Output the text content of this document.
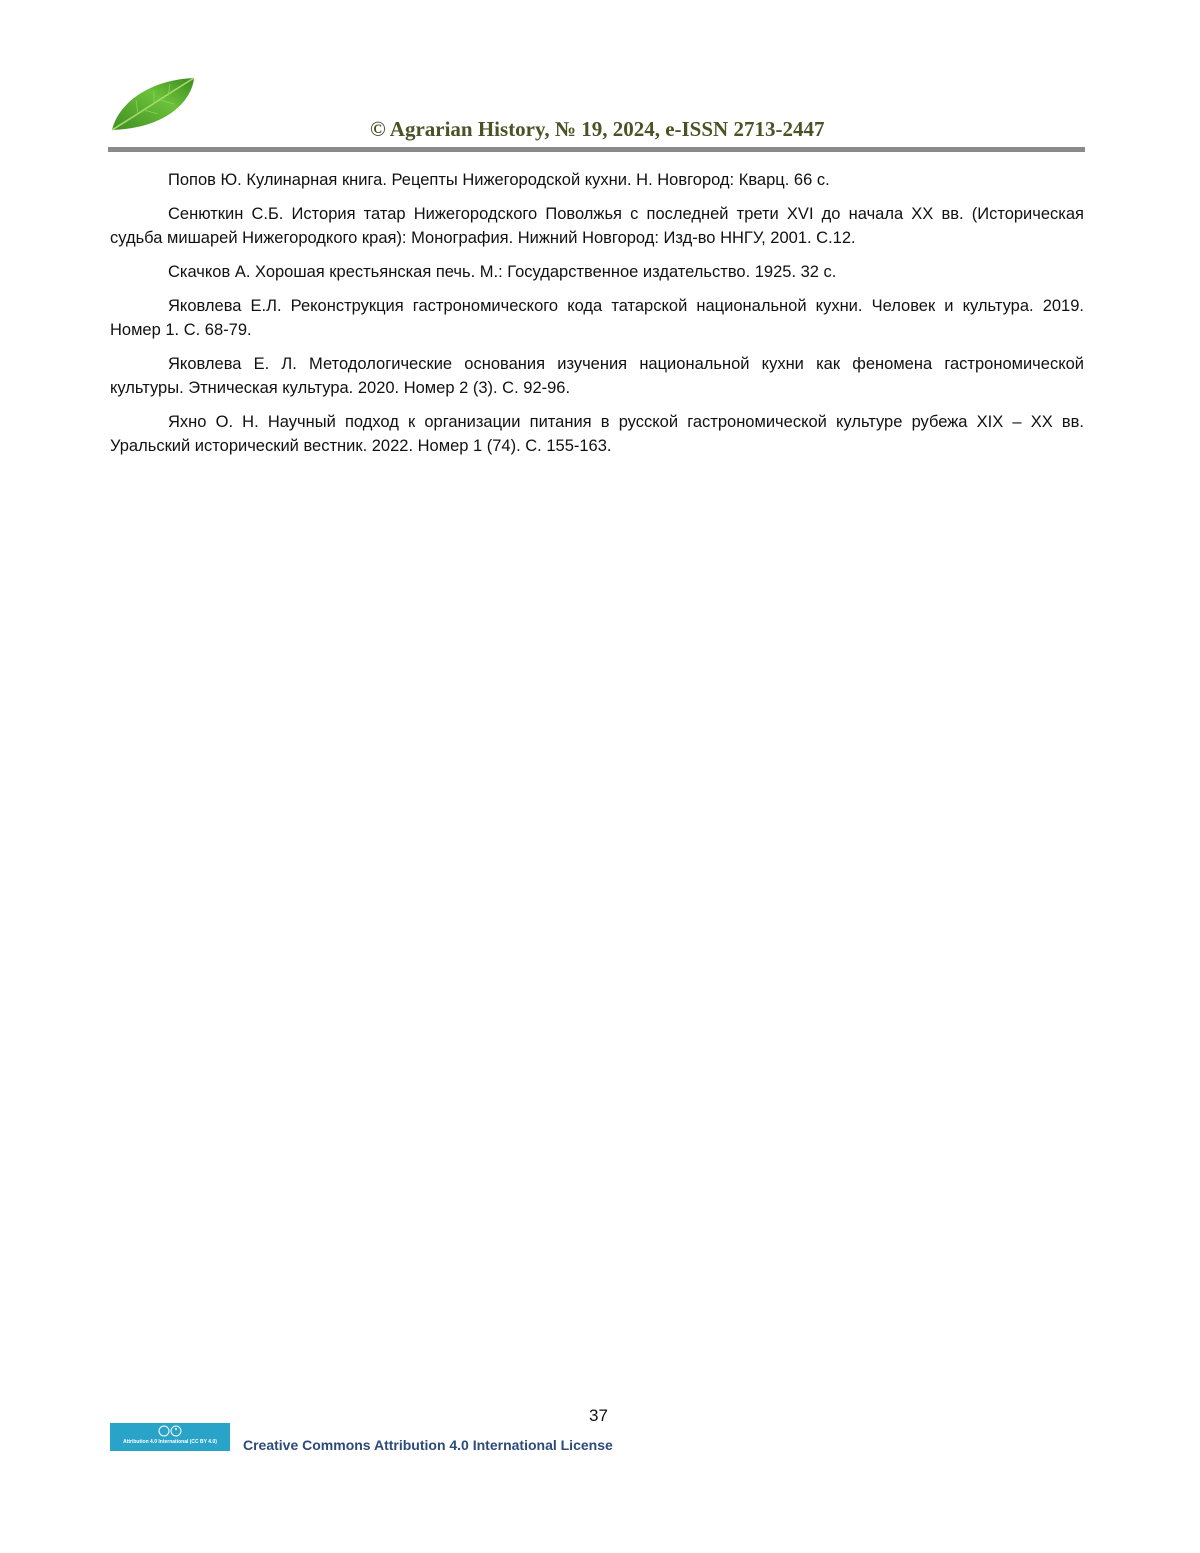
© Agrarian History, № 19, 2024, e-ISSN 2713-2447

Попов Ю. Кулинарная книга. Рецепты Нижегородской кухни. Н. Новгород: Кварц. 66 с.

Сенюткин С.Б. История татар Нижегородского Поволжья с последней трети XVI до начала XX вв. (Историческая судьба мишарей Нижегородкого края): Монография. Нижний Новгород: Изд-во ННГУ, 2001. С.12.

Скачков А. Хорошая крестьянская печь. М.: Государственное издательство. 1925. 32 с.

Яковлева Е.Л. Реконструкция гастрономического кода татарской национальной кухни. Человек и культура. 2019. Номер 1. С. 68-79.

Яковлева Е. Л. Методологические основания изучения национальной кухни как феномена гастрономической культуры. Этническая культура. 2020. Номер 2 (3). С. 92-96.

Яхно О. Н. Научный подход к организации питания в русской гастрономической культуре рубежа XIX – XX вв. Уральский исторический вестник. 2022. Номер 1 (74). С. 155-163.

37
Attribution 4.0 International (CC BY 4.0)	Creative Commons Attribution 4.0 International License
